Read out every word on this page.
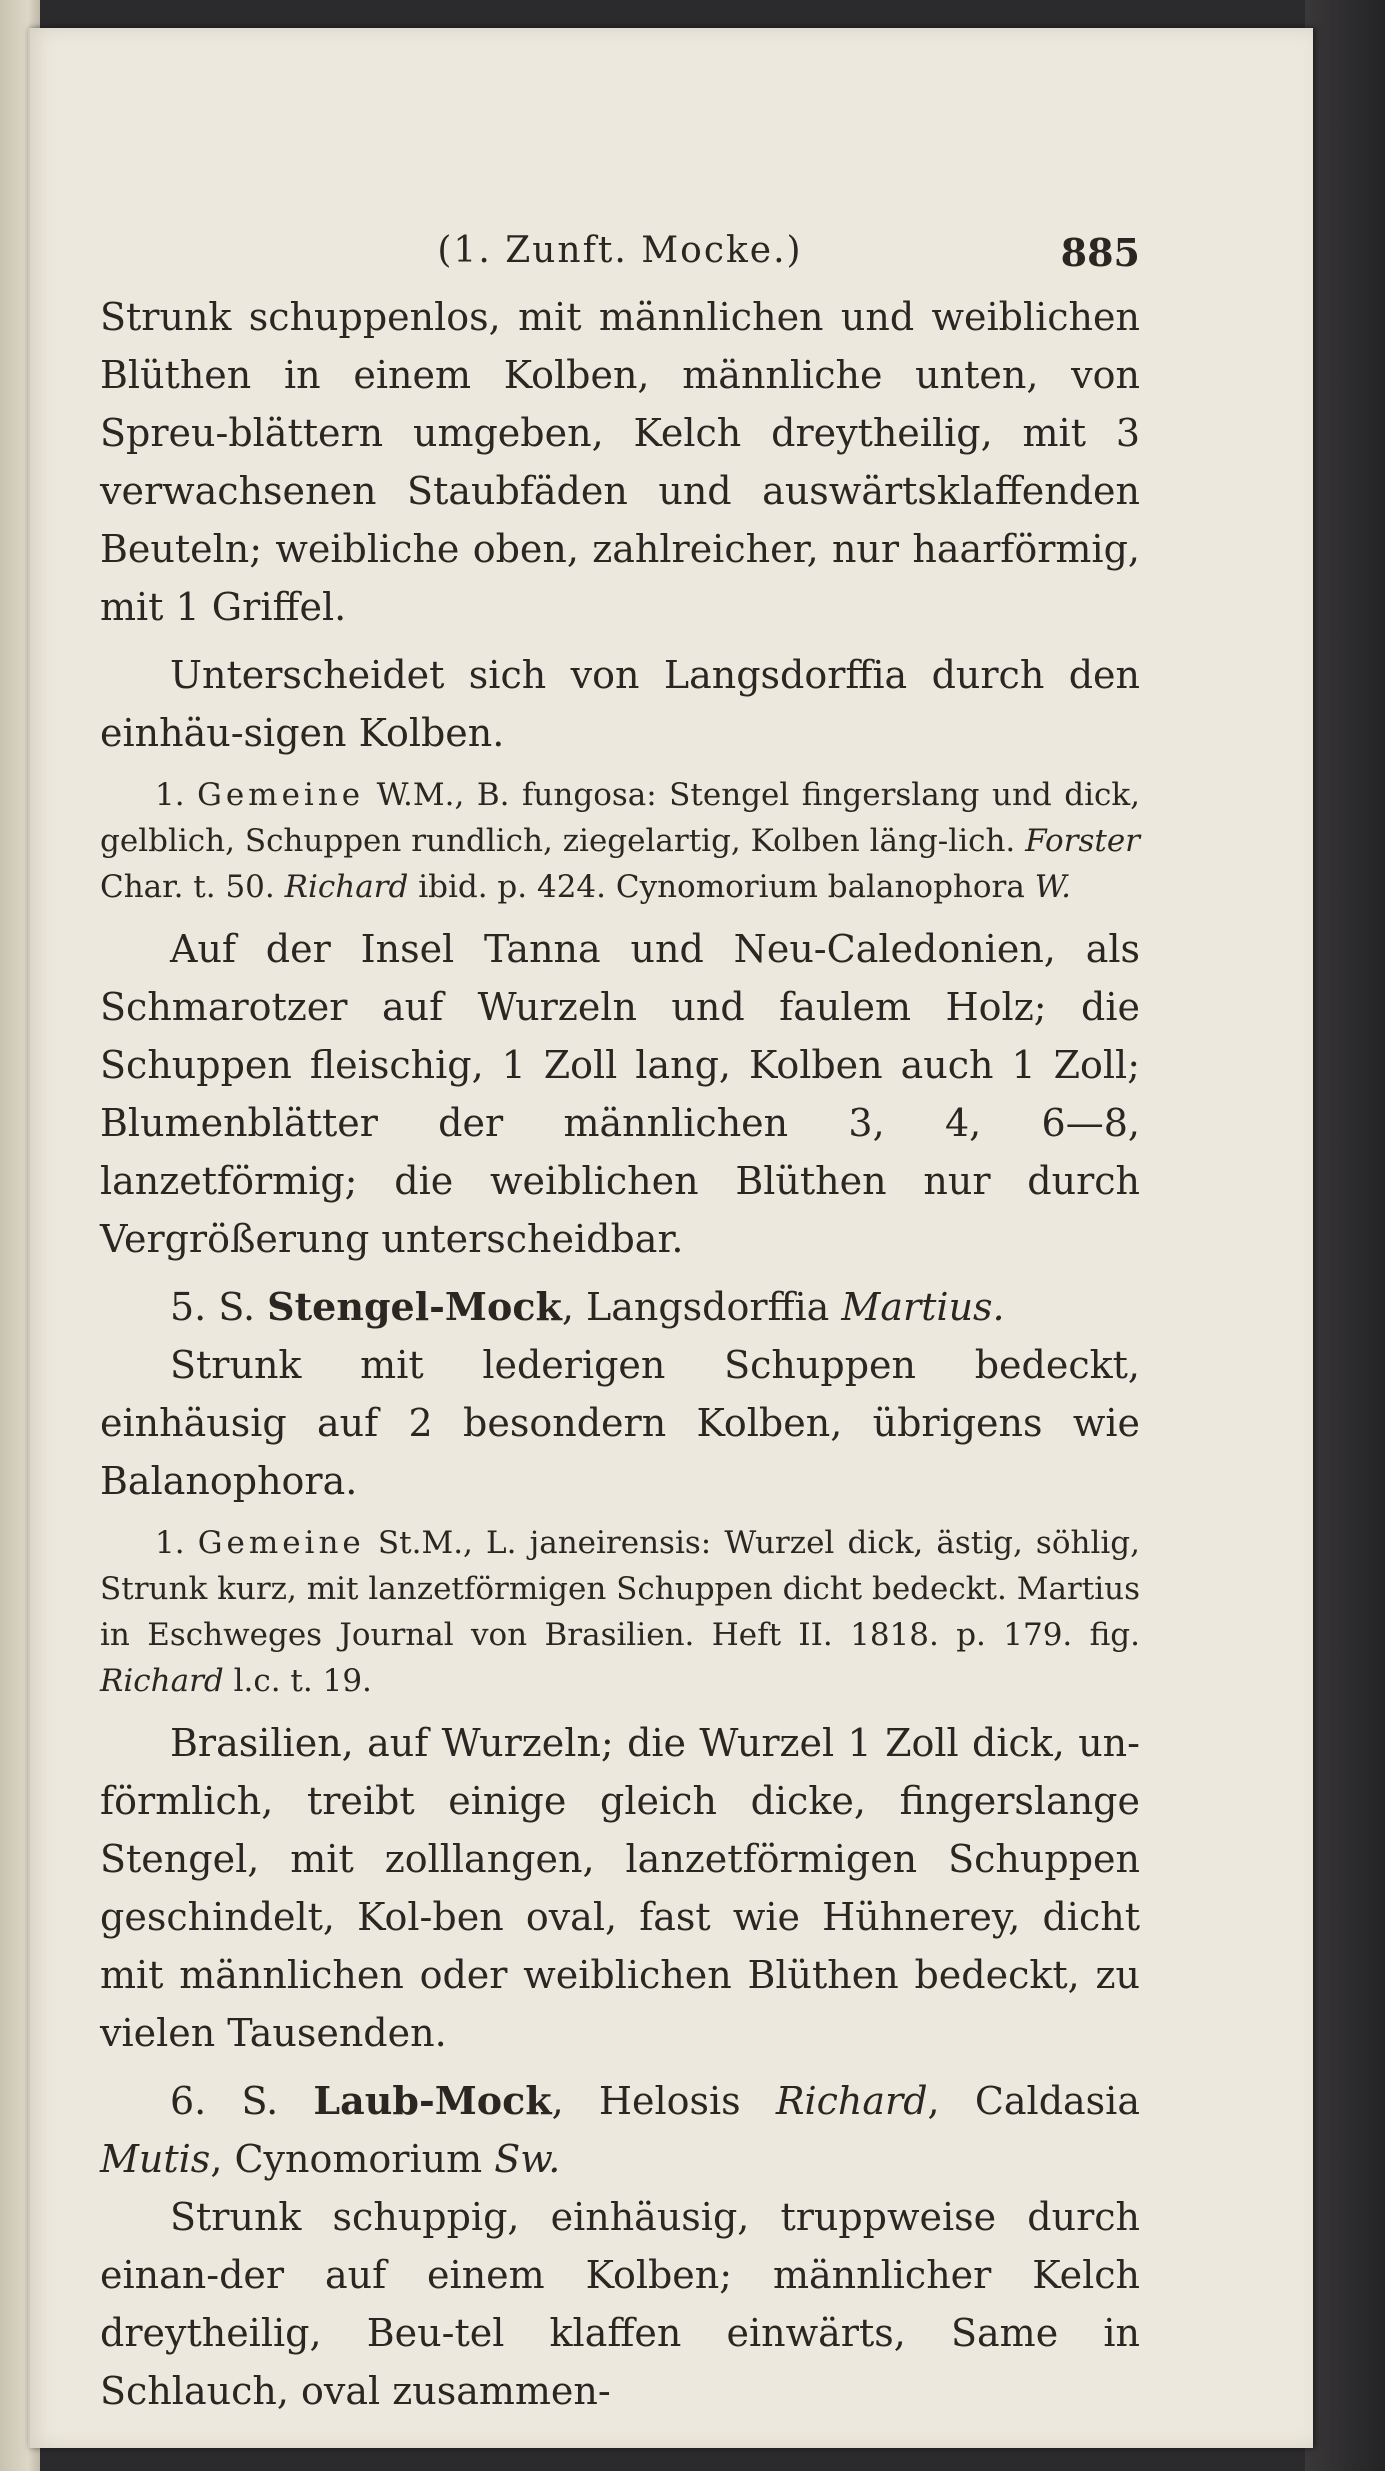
(1. Zunft. Mocke.)	885

Strunk schuppenlos, mit männlichen und weiblichen Blüthen in einem Kolben, männliche unten, von Spreu-blättern umgeben, Kelch dreytheilig, mit 3 verwachsenen Staubfäden und auswärtsklaffenden Beuteln; weibliche oben, zahlreicher, nur haarförmig, mit 1 Griffel.

Unterscheidet sich von Langsdorffia durch den einhäu-sigen Kolben.

1. Gemeine W.M., B. fungosa: Stengel fingerslang und dick, gelblich, Schuppen rundlich, ziegelartig, Kolben läng-lich. Forster Char. t. 50. Richard ibid. p. 424. Cynomorium balanophora W.

Auf der Insel Tanna und Neu-Caledonien, als Schmarotzer auf Wurzeln und faulem Holz; die Schuppen fleischig, 1 Zoll lang, Kolben auch 1 Zoll; Blumenblätter der männlichen 3, 4, 6—8, lanzetförmig; die weiblichen Blüthen nur durch Vergrößerung unterscheidbar.

5. S. Stengel-Mock, Langsdorffia Martius.

Strunk mit lederigen Schuppen bedeckt, einhäusig auf 2 besondern Kolben, übrigens wie Balanophora.

1. Gemeine St.M., L. janeirensis: Wurzel dick, ästig, söhlig, Strunk kurz, mit lanzetförmigen Schuppen dicht bedeckt. Martius in Eschweges Journal von Brasilien. Heft II. 1818. p. 179. fig. Richard l.c. t. 19.

Brasilien, auf Wurzeln; die Wurzel 1 Zoll dick, un-förmlich, treibt einige gleich dicke, fingerslange Stengel, mit zolllangen, lanzetförmigen Schuppen geschindelt, Kol-ben oval, fast wie Hühnerey, dicht mit männlichen oder weiblichen Blüthen bedeckt, zu vielen Tausenden.

6. S. Laub-Mock, Helosis Richard, Caldasia Mutis, Cynomorium Sw.

Strunk schuppig, einhäusig, truppweise durch einan-der auf einem Kolben; männlicher Kelch dreytheilig, Beu-tel klaffen einwärts, Same in Schlauch, oval zusammen-
